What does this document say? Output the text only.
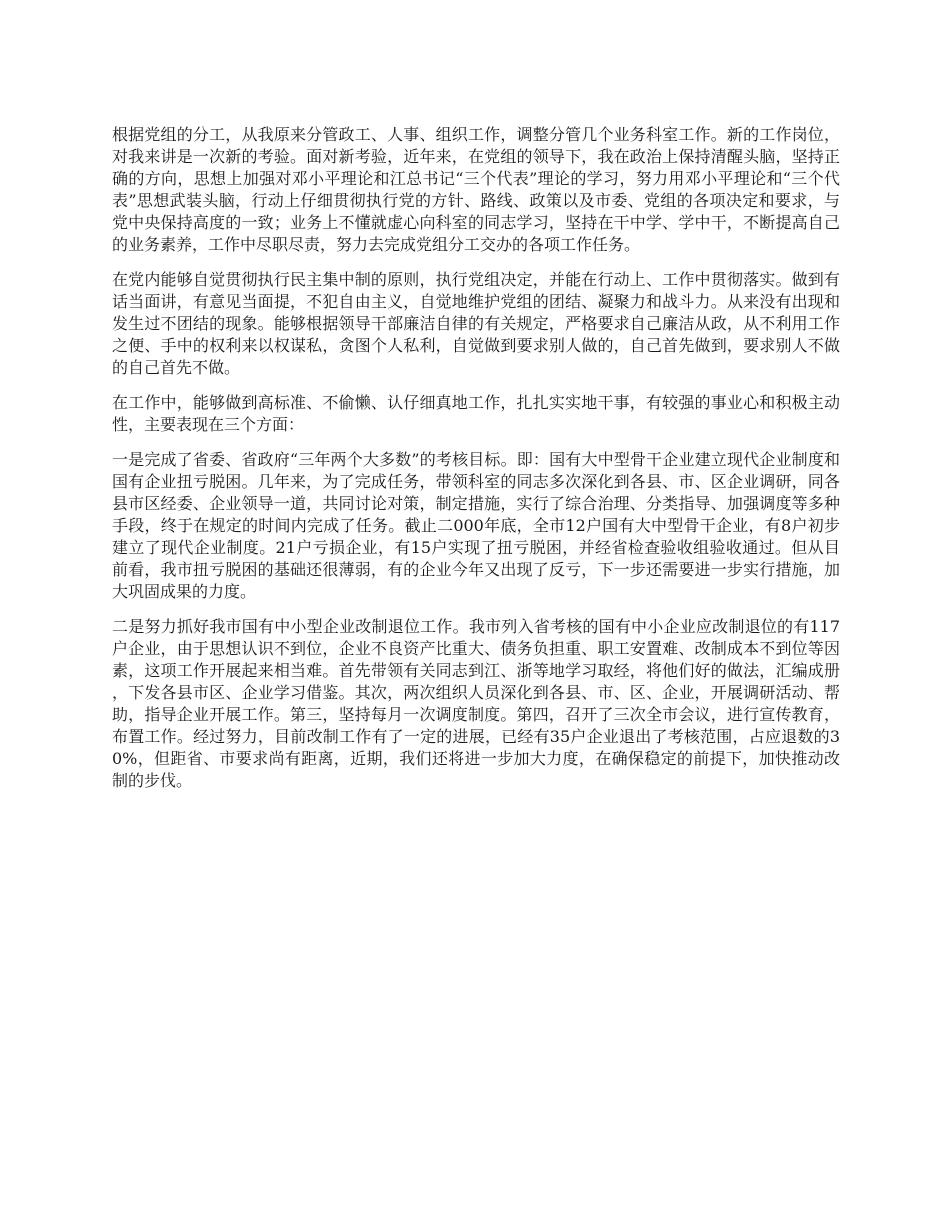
根据党组的分工，从我原来分管政工、人事、组织工作，调整分管几个业务科室工作。新的工作岗位，对我来讲是一次新的考验。面对新考验，近年来，在党组的领导下，我在政治上保持清醒头脑，坚持正确的方向，思想上加强对邓小平理论和江总书记“三个代表”理论的学习，努力用邓小平理论和“三个代表”思想武装头脑，行动上仔细贯彻执行党的方针、路线、政策以及市委、党组的各项决定和要求，与党中央保持高度的一致；业务上不懂就虚心向科室的同志学习，坚持在干中学、学中干，不断提高自己的业务素养，工作中尽职尽责，努力去完成党组分工交办的各项工作任务。

在党内能够自觉贯彻执行民主集中制的原则，执行党组决定，并能在行动上、工作中贯彻落实。做到有话当面讲，有意见当面提，不犯自由主义，自觉地维护党组的团结、凝聚力和战斗力。从来没有出现和发生过不团结的现象。能够根据领导干部廉洁自律的有关规定，严格要求自己廉洁从政，从不利用工作之便、手中的权利来以权谋私，贪图个人私利，自觉做到要求别人做的，自己首先做到，要求别人不做的自己首先不做。

在工作中，能够做到高标准、不偷懒、认仔细真地工作，扎扎实实地干事，有较强的事业心和积极主动性，主要表现在三个方面：

一是完成了省委、省政府“三年两个大多数”的考核目标。即：国有大中型骨干企业建立现代企业制度和国有企业扭亏脱困。几年来，为了完成任务，带领科室的同志多次深化到各县、市、区企业调研，同各县市区经委、企业领导一道，共同讨论对策，制定措施，实行了综合治理、分类指导、加强调度等多种手段，终于在规定的时间内完成了任务。截止二000年底，全市12户国有大中型骨干企业，有8户初步建立了现代企业制度。21户亏损企业，有15户实现了扭亏脱困，并经省检查验收组验收通过。但从目前看，我市扭亏脱困的基础还很薄弱，有的企业今年又出现了反亏，下一步还需要进一步实行措施，加大巩固成果的力度。

二是努力抓好我市国有中小型企业改制退位工作。我市列入省考核的国有中小企业应改制退位的有117户企业，由于思想认识不到位，企业不良资产比重大、债务负担重、职工安置难、改制成本不到位等因素，这项工作开展起来相当难。首先带领有关同志到江、浙等地学习取经，将他们好的做法，汇编成册，下发各县市区、企业学习借鉴。其次，两次组织人员深化到各县、市、区、企业，开展调研活动、帮助，指导企业开展工作。第三，坚持每月一次调度制度。第四，召开了三次全市会议，进行宣传教育，布置工作。经过努力，目前改制工作有了一定的进展，已经有35户企业退出了考核范围，占应退数的30%，但距省、市要求尚有距离，近期，我们还将进一步加大力度，在确保稳定的前提下，加快推动改制的步伐。
